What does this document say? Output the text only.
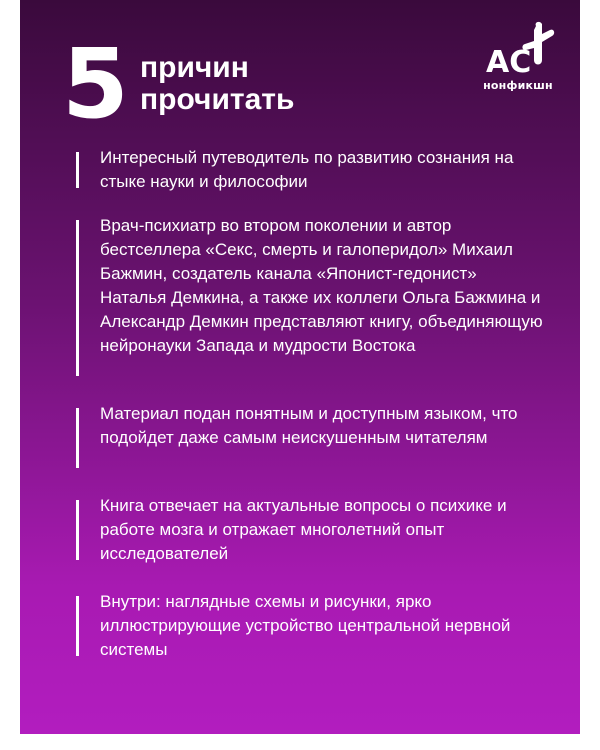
5 причин
прочитать
AC
нонфикшн
Интересный путеводитель по развитию сознания на стыке науки и философии
Врач-психиатр во втором поколении и автор бестселлера «Секс, смерть и галоперидол» Михаил Бажмин, создатель канала «Японист-гедонист» Наталья Демкина, а также их коллеги Ольга Бажмина и Александр Демкин представляют книгу, объединяющую нейронауки Запада и мудрости Востока
Материал подан понятным и доступным языком, что подойдет даже самым неискушенным читателям
Книга отвечает на актуальные вопросы о психике и работе мозга и отражает многолетний опыт исследователей
Внутри: наглядные схемы и рисунки, ярко иллюстрирующие устройство центральной нервной системы
